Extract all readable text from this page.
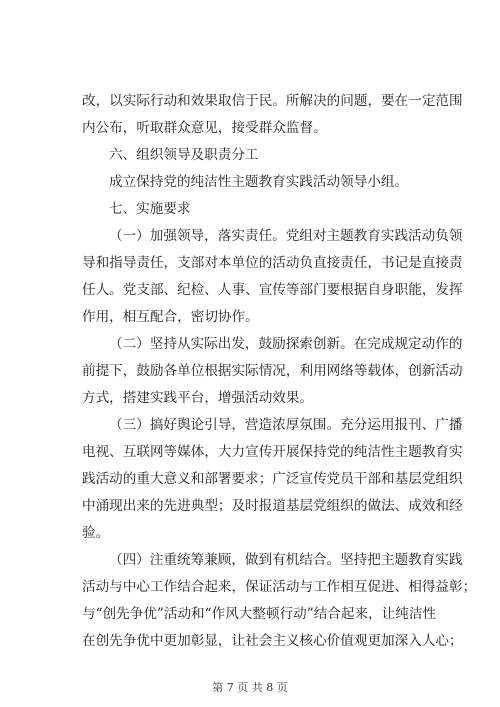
改，以实际行动和效果取信于民。所解决的问题，要在一定范围
内公布，听取群众意见，接受群众监督。
六、组织领导及职责分工
成立保持党的纯洁性主题教育实践活动领导小组。
七、实施要求
（一）加强领导，落实责任。党组对主题教育实践活动负领
导和指导责任，支部对本单位的活动负直接责任，书记是直接责
任人。党支部、纪检、人事、宣传等部门要根据自身职能，发挥
作用，相互配合，密切协作。
（二）坚持从实际出发，鼓励探索创新。在完成规定动作的
前提下，鼓励各单位根据实际情况，利用网络等载体，创新活动
方式，搭建实践平台，增强活动效果。
（三）搞好舆论引导，营造浓厚氛围。充分运用报刊、广播
电视、互联网等媒体，大力宣传开展保持党的纯洁性主题教育实
践活动的重大意义和部署要求；广泛宣传党员干部和基层党组织
中涌现出来的先进典型；及时报道基层党组织的做法、成效和经
验。
（四）注重统筹兼顾，做到有机结合。坚持把主题教育实践
活动与中心工作结合起来，保证活动与工作相互促进、相得益彰；
与“创先争优”活动和“作风大整顿行动”结合起来，让纯洁性
在创先争优中更加彰显，让社会主义核心价值观更加深入人心；
第 7 页 共 8 页
